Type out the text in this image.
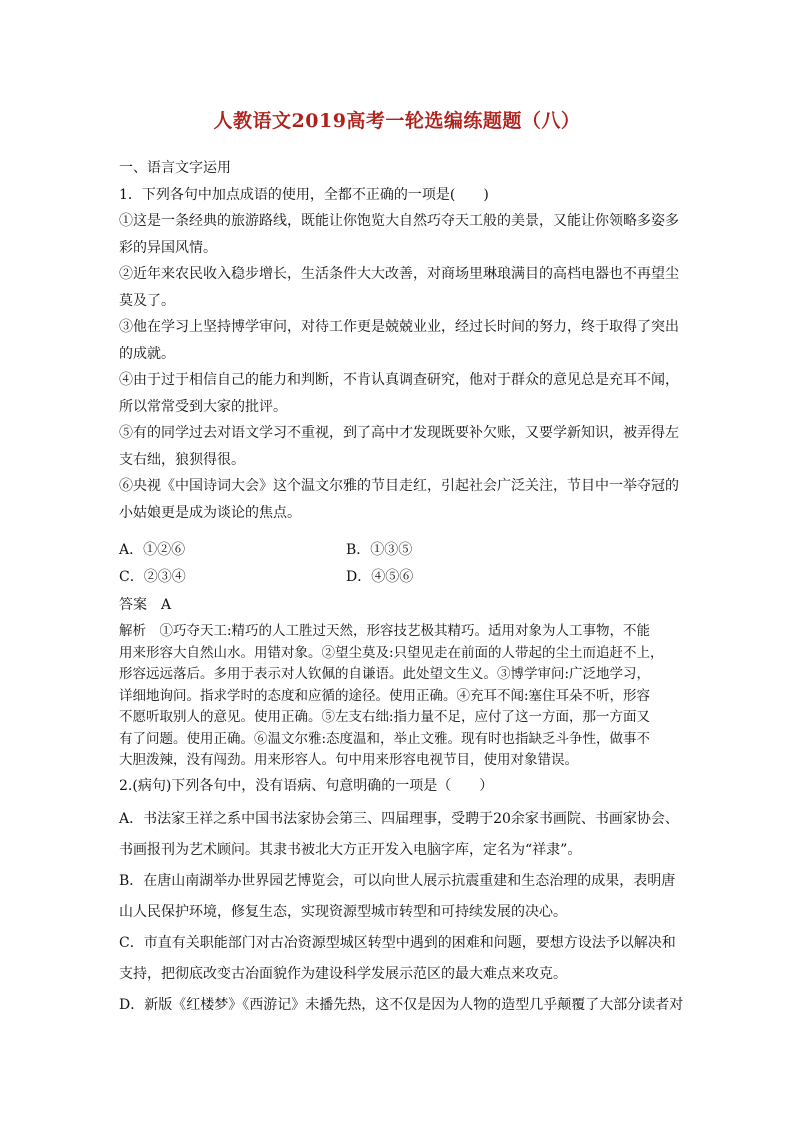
人教语文2019高考一轮选编练题题（八）
一、语言文字运用
1．下列各句中加点成语的使用，全都不正确的一项是(　　)
①这是一条经典的旅游路线，既能让你饱览大自然巧夺天工般的美景，又能让你领略多姿多
彩的异国风情。
②近年来农民收入稳步增长，生活条件大大改善，对商场里琳琅满目的高档电器也不再望尘
莫及了。
③他在学习上坚持博学审问，对待工作更是兢兢业业，经过长时间的努力，终于取得了突出
的成就。
④由于过于相信自己的能力和判断，不肯认真调查研究，他对于群众的意见总是充耳不闻，
所以常常受到大家的批评。
⑤有的同学过去对语文学习不重视，到了高中才发现既要补欠账，又要学新知识，被弄得左
支右绌，狼狈得很。
⑥央视《中国诗词大会》这个温文尔雅的节目走红，引起社会广泛关注，节目中一举夺冠的
小姑娘更是成为谈论的焦点。
A．①②⑥	B．①③⑤
C．②③④	D．④⑤⑥
答案　A
解析　①巧夺天工:精巧的人工胜过天然，形容技艺极其精巧。适用对象为人工事物，不能
用来形容大自然山水。用错对象。②望尘莫及:只望见走在前面的人带起的尘土而追赶不上，
形容远远落后。多用于表示对人钦佩的自谦语。此处望文生义。③博学审问:广泛地学习，
详细地询问。指求学时的态度和应循的途径。使用正确。④充耳不闻:塞住耳朵不听，形容
不愿听取别人的意见。使用正确。⑤左支右绌:指力量不足，应付了这一方面，那一方面又
有了问题。使用正确。⑥温文尔雅:态度温和，举止文雅。现有时也指缺乏斗争性，做事不
大胆泼辣，没有闯劲。用来形容人。句中用来形容电视节目，使用对象错误。
2.(病句)下列各句中，没有语病、句意明确的一项是（　　）
A．书法家王祥之系中国书法家协会第三、四届理事，受聘于20余家书画院、书画家协会、
书画报刊为艺术顾问。其隶书被北大方正开发入电脑字库，定名为“祥隶”。
B．在唐山南湖举办世界园艺博览会，可以向世人展示抗震重建和生态治理的成果，表明唐
山人民保护环境，修复生态，实现资源型城市转型和可持续发展的决心。
C．市直有关职能部门对古冶资源型城区转型中遇到的困难和问题，要想方设法予以解决和
支持，把彻底改变古冶面貌作为建设科学发展示范区的最大难点来攻克。
D．新版《红楼梦》《西游记》未播先热，这不仅是因为人物的造型几乎颠覆了大部分读者对
